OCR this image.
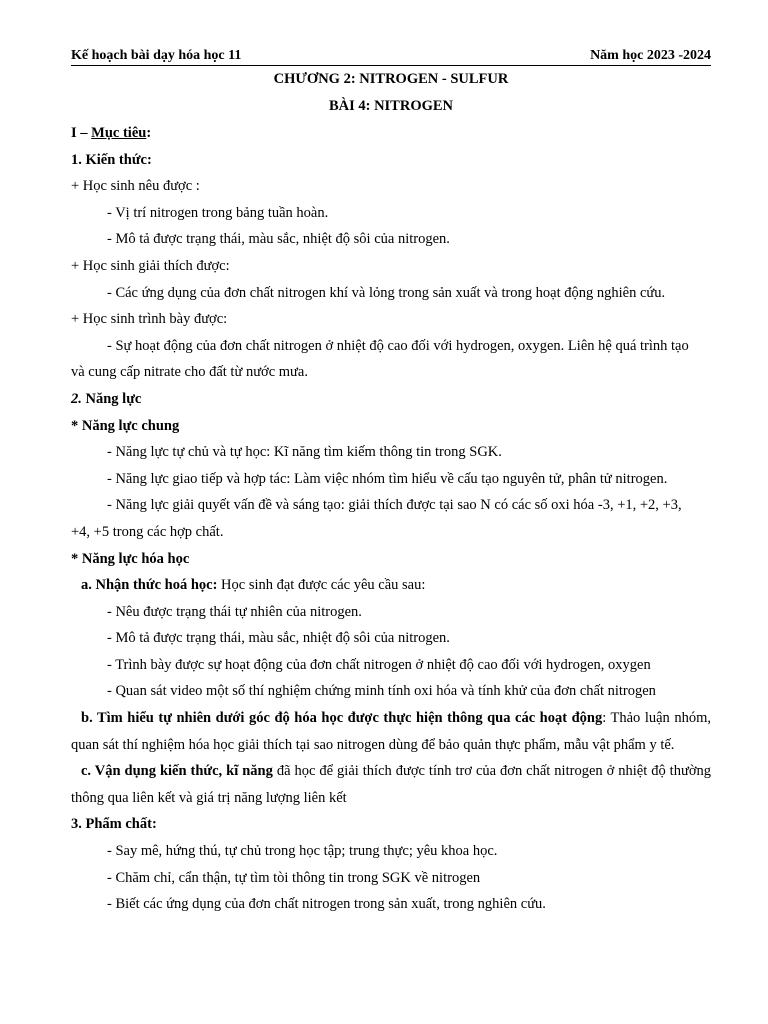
Kế hoạch bài dạy hóa học 11	Năm học 2023 -2024
CHƯƠNG 2: NITROGEN - SULFUR
BÀI 4: NITROGEN
I – Mục tiêu:
1. Kiến thức:
+ Học sinh nêu được :
- Vị trí nitrogen trong bảng tuần hoàn.
- Mô tả được trạng thái, màu sắc, nhiệt độ sôi của nitrogen.
+ Học sinh giải thích được:
- Các ứng dụng của đơn chất nitrogen khí và lỏng trong sản xuất và trong hoạt động nghiên cứu.
+ Học sinh trình bày được:
- Sự hoạt động của đơn chất nitrogen ở nhiệt độ cao đối với hydrogen, oxygen. Liên hệ quá trình tạo
và cung cấp nitrate cho đất từ nước mưa.
2. Năng lực
* Năng lực chung
- Năng lực tự chủ và tự học: Kĩ năng tìm kiếm thông tin trong SGK.
- Năng lực giao tiếp và hợp tác: Làm việc nhóm tìm hiểu về cấu tạo nguyên tử, phân tử nitrogen.
- Năng lực giải quyết vấn đề và sáng tạo: giải thích được tại sao N có các số oxi hóa -3, +1, +2, +3,
+4, +5 trong các hợp chất.
* Năng lực hóa học
a. Nhận thức hoá học: Học sinh đạt được các yêu cầu sau:
- Nêu được trạng thái tự nhiên của nitrogen.
- Mô tả được trạng thái, màu sắc, nhiệt độ sôi của nitrogen.
- Trình bày được sự hoạt động của đơn chất nitrogen ở nhiệt độ cao đối với hydrogen, oxygen
- Quan sát video một số thí nghiệm chứng minh tính oxi hóa và tính khử của đơn chất nitrogen
b. Tìm hiểu tự nhiên dưới góc độ hóa học được thực hiện thông qua các hoạt động: Thảo luận nhóm, quan sát thí nghiệm hóa học giải thích tại sao nitrogen dùng để bảo quản thực phẩm, mẫu vật phẩm y tế.
c. Vận dụng kiến thức, kĩ năng đã học để giải thích được tính trơ của đơn chất nitrogen ở nhiệt độ thường thông qua liên kết và giá trị năng lượng liên kết
3. Phẩm chất:
- Say mê, hứng thú, tự chủ trong học tập; trung thực; yêu khoa học.
- Chăm chỉ, cẩn thận, tự tìm tòi thông tin trong SGK về nitrogen
- Biết các ứng dụng của đơn chất nitrogen trong sản xuất, trong nghiên cứu.
